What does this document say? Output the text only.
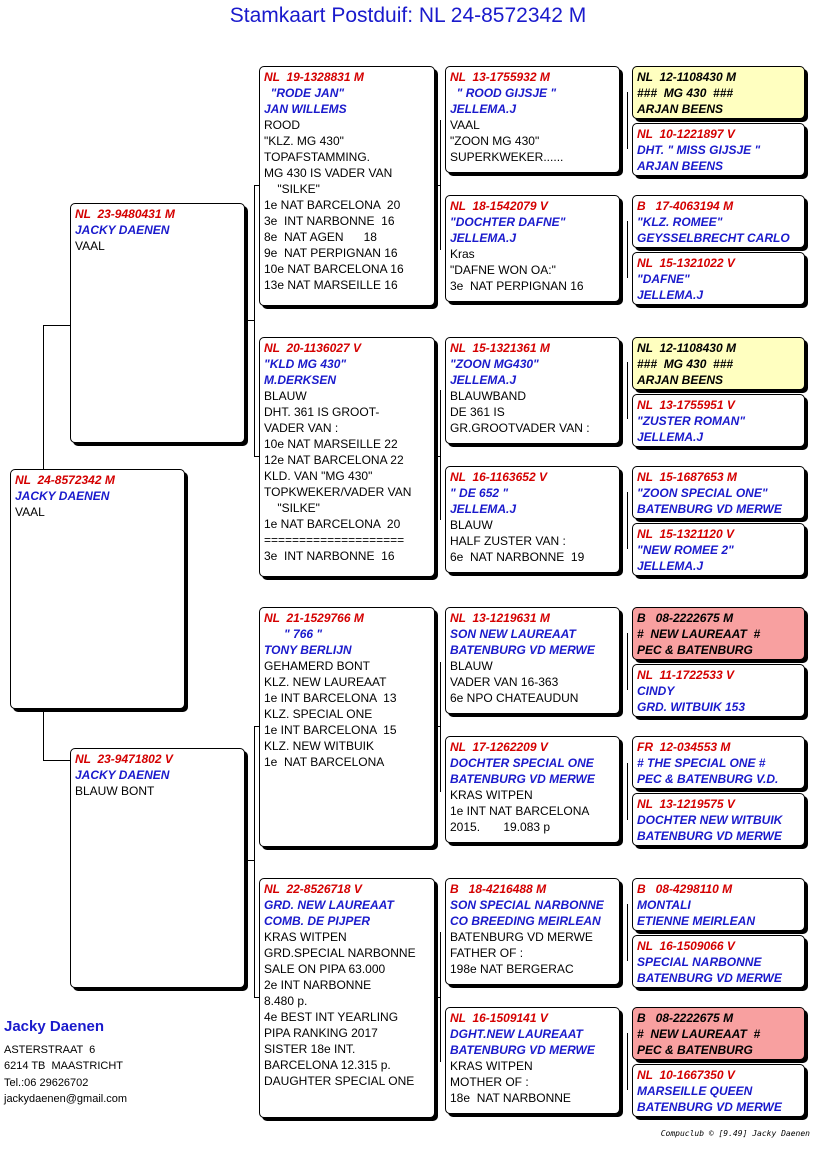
Stamkaart Postduif: NL 24-8572342 M
NL  24-8572342 M
JACKY DAENEN
VAAL
NL  23-9480431 M
JACKY DAENEN
VAAL
NL  23-9471802 V
JACKY DAENEN
BLAUW BONT
NL  19-1328831 M
"RODE JAN"
JAN WILLEMS
ROOD
"KLZ. MG 430"
TOPAFSTAMMING.
MG 430 IS VADER VAN
"SILKE"
1e NAT BARCELONA  20
3e  INT NARBONNE  16
8e  NAT AGEN      18
9e  NAT PERPIGNAN 16
10e NAT BARCELONA 16
13e NAT MARSEILLE 16
NL  20-1136027 V
"KLD MG 430"
M.DERKSEN
BLAUW
DHT. 361 IS GROOT-
VADER VAN :
10e NAT MARSEILLE 22
12e NAT BARCELONA 22
KLD. VAN "MG 430"
TOPKWEKER/VADER VAN
"SILKE"
1e NAT BARCELONA  20
====================
3e  INT NARBONNE  16
NL  21-1529766 M
" 766 "
TONY BERLIJN
GEHAMERD BONT
KLZ. NEW LAUREAAT
1e INT BARCELONA  13
KLZ. SPECIAL ONE
1e INT BARCELONA  15
KLZ. NEW WITBUIK
1e  NAT BARCELONA
NL  22-8526718 V
GRD. NEW LAUREAAT
COMB. DE PIJPER
KRAS WITPEN
GRD.SPECIAL NARBONNE
SALE ON PIPA 63.000
2e INT NARBONNE
8.480 p.
4e BEST INT YEARLING
PIPA RANKING 2017
SISTER 18e INT.
BARCELONA 12.315 p.
DAUGHTER SPECIAL ONE
NL  13-1755932 M
" ROOD GIJSJE "
JELLEMA.J
VAAL
"ZOON MG 430"
SUPERKWEKER......
NL  18-1542079 V
"DOCHTER DAFNE"
JELLEMA.J
Kras
"DAFNE WON OA:"
3e  NAT PERPIGNAN 16
NL  15-1321361 M
"ZOON MG430"
JELLEMA.J
BLAUWBAND
DE 361 IS
GR.GROOTVADER VAN :
NL  16-1163652 V
" DE 652 "
JELLEMA.J
BLAUW
HALF ZUSTER VAN :
6e  NAT NARBONNE  19
NL  13-1219631 M
SON NEW LAUREAAT
BATENBURG VD MERWE
BLAUW
VADER VAN 16-363
6e NPO CHATEAUDUN
NL  17-1262209 V
DOCHTER SPECIAL ONE
BATENBURG VD MERWE
KRAS WITPEN
1e INT NAT BARCELONA
2015.       19.083 p
B   18-4216488 M
SON SPECIAL NARBONNE
CO BREEDING MEIRLEAN
BATENBURG VD MERWE
FATHER OF :
198e NAT BERGERAC
NL  16-1509141 V
DGHT.NEW LAUREAAT
BATENBURG VD MERWE
KRAS WITPEN
MOTHER OF :
18e  NAT NARBONNE
NL  12-1108430 M
###  MG 430  ###
ARJAN BEENS
NL  10-1221897 V
DHT. " MISS GIJSJE "
ARJAN BEENS
B   17-4063194 M
"KLZ. ROMEE"
GEYSSELBRECHT CARLO
NL  15-1321022 V
"DAFNE"
JELLEMA.J
NL  12-1108430 M
###  MG 430  ###
ARJAN BEENS
NL  13-1755951 V
"ZUSTER ROMAN"
JELLEMA.J
NL  15-1687653 M
"ZOON SPECIAL ONE"
BATENBURG VD MERWE
NL  15-1321120 V
"NEW ROMEE 2"
JELLEMA.J
B   08-2222675 M
#  NEW LAUREAAT  #
PEC & BATENBURG
NL  11-1722533 V
CINDY
GRD. WITBUIK 153
FR  12-034553 M
# THE SPECIAL ONE #
PEC & BATENBURG V.D.
NL  13-1219575 V
DOCHTER NEW WITBUIK
BATENBURG VD MERWE
B   08-4298110 M
MONTALI
ETIENNE MEIRLEAN
NL  16-1509066 V
SPECIAL NARBONNE
BATENBURG VD MERWE
B   08-2222675 M
#  NEW LAUREAAT  #
PEC & BATENBURG
NL  10-1667350 V
MARSEILLE QUEEN
BATENBURG VD MERWE
Jacky Daenen
ASTERSTRAAT  6
6214 TB  MAASTRICHT
Tel.:06 29626702
jackydaenen@gmail.com
Compuclub © [9.49] Jacky Daenen
